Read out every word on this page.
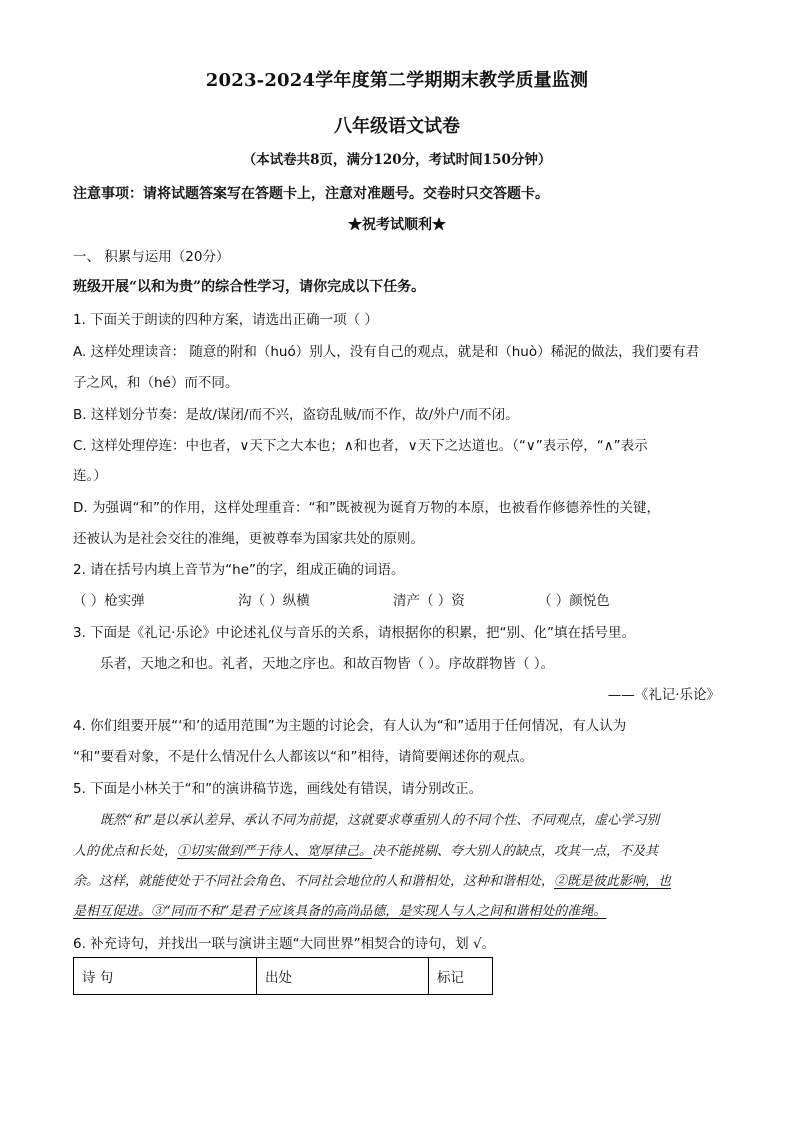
2023-2024学年度第二学期期末教学质量监测
八年级语文试卷
（本试卷共8页，满分120分，考试时间150分钟）
注意事项：请将试题答案写在答题卡上，注意对准题号。交卷时只交答题卡。
★祝考试顺利★
一、 积累与运用（20分）
班级开展“以和为贵”的综合性学习，请你完成以下任务。
1. 下面关于朗读的四种方案，请选出正确一项（ ）
A. 这样处理读音： 随意的附和（huó）别人，没有自己的观点，就是和（huò）稀泥的做法，我们要有君
子之风，和（hé）而不同。
B. 这样划分节奏：是故/谋闭/而不兴，盗窃乱贼/而不作，故/外户/而不闭。
C. 这样处理停连：中也者，∨天下之大本也；∧和也者，∨天下之达道也。（“∨”表示停，“∧”表示
连。）
D. 为强调“和”的作用，这样处理重音：“和”既被视为诞育万物的本原，也被看作修德养性的关键，
还被认为是社会交往的准绳，更被尊奉为国家共处的原则。
2. 请在括号内填上音节为“he”的字，组成正确的词语。
（ ）枪实弹	沟（ ）纵横	清产（ ）资	（ ）颜悦色
3. 下面是《礼记·乐论》中论述礼仪与音乐的关系，请根据你的积累，把“别、化”填在括号里。
乐者，天地之和也。礼者，天地之序也。和故百物皆（ ）。序故群物皆（ ）。
——《礼记·乐论》
4. 你们组要开展“‘和’的适用范围”为主题的讨论会，有人认为“和”适用于任何情况，有人认为
“和”要看对象，不是什么情况什么人都该以“和”相待，请简要阐述你的观点。
5. 下面是小林关于“和”的演讲稿节选，画线处有错误，请分别改正。
既然“和”是以承认差异、承认不同为前提，这就要求尊重别人的不同个性、不同观点，虚心学习别
人的优点和长处，①切实做到严于待人、宽厚律己。决不能挑剔、夸大别人的缺点，攻其一点，不及其
余。这样，就能使处于不同社会角色、不同社会地位的人和谐相处，这种和谐相处，②既是彼此影响，也
是相互促进。③“同而不和”是君子应该具备的高尚品德，是实现人与人之间和谐相处的准绳。
6. 补充诗句，并找出一联与演讲主题“大同世界”相契合的诗句，划 √。
诗 句	出处	标记
